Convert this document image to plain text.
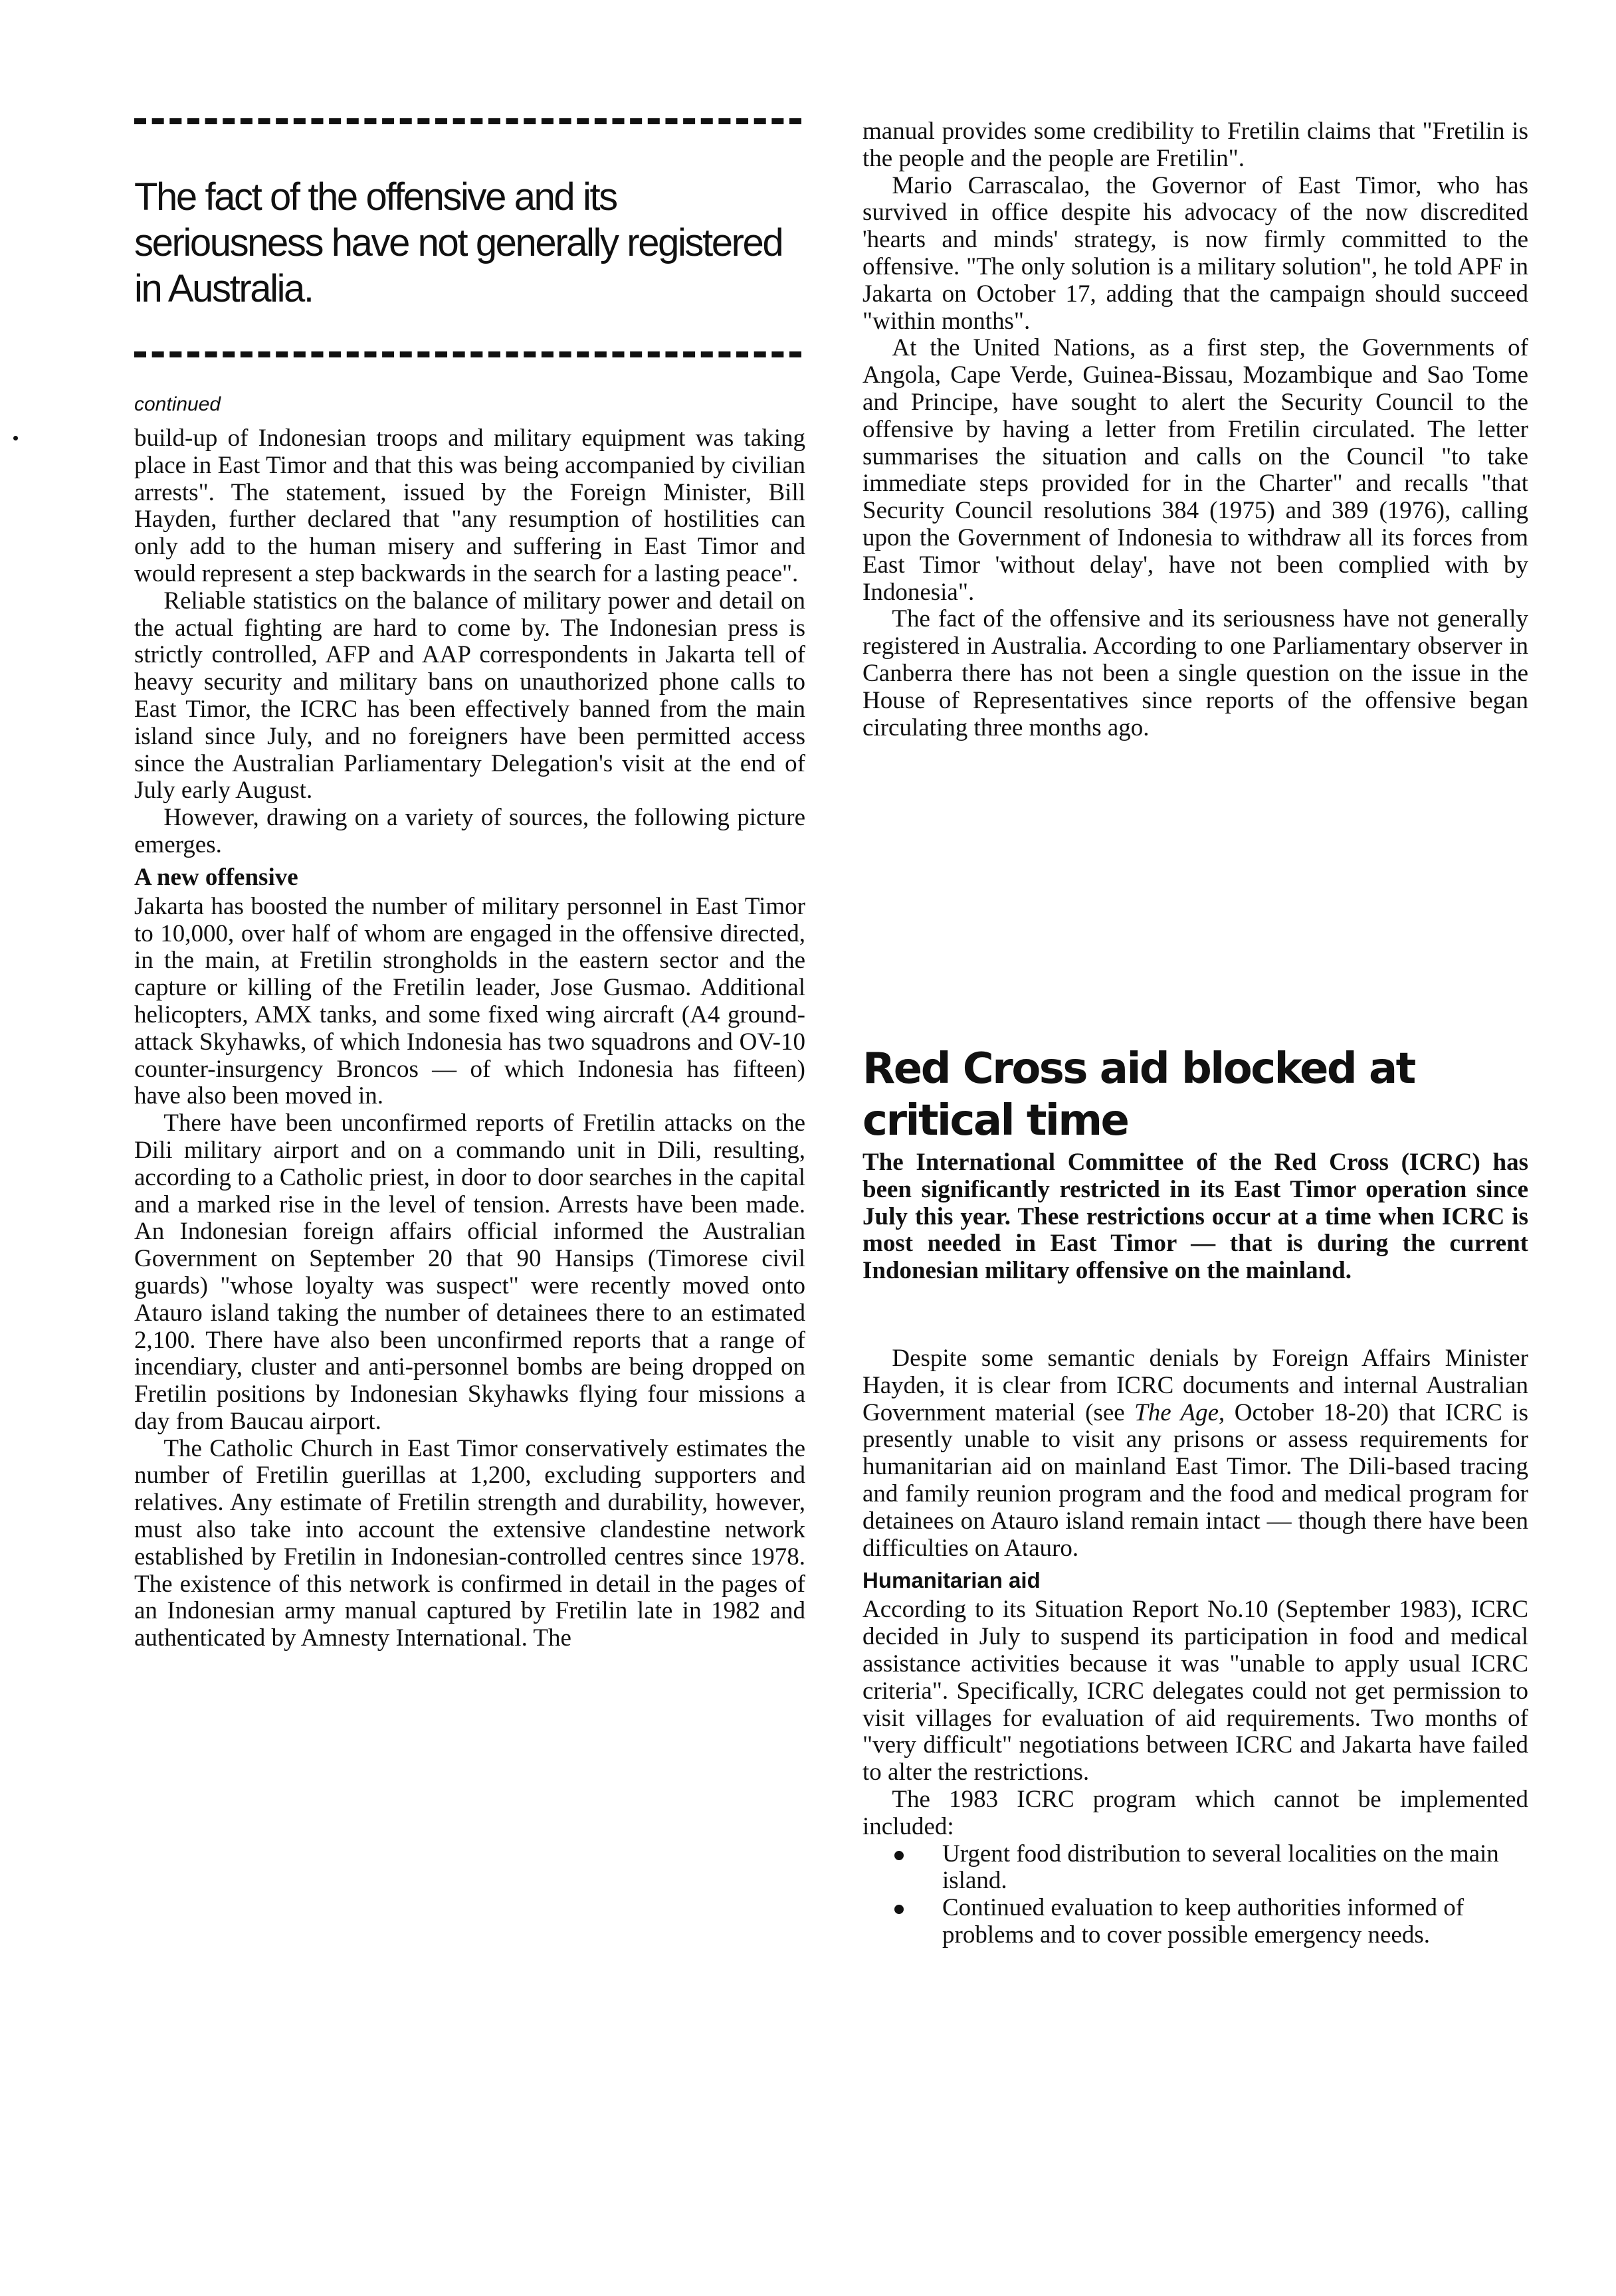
The fact of the offensive and its seriousness have not generally registered in Australia.
continued

build-up of Indonesian troops and military equipment was taking place in East Timor and that this was being accompanied by civilian arrests". The statement, issued by the Foreign Minister, Bill Hayden, further declared that "any resumption of hostilities can only add to the human misery and suffering in East Timor and would represent a step backwards in the search for a lasting peace".

Reliable statistics on the balance of military power and detail on the actual fighting are hard to come by. The Indonesian press is strictly controlled, AFP and AAP correspondents in Jakarta tell of heavy security and military bans on unauthorized phone calls to East Timor, the ICRC has been effectively banned from the main island since July, and no foreigners have been permitted access since the Australian Parliamentary Delegation's visit at the end of July early August.

However, drawing on a variety of sources, the following picture emerges.

A new offensive

Jakarta has boosted the number of military personnel in East Timor to 10,000, over half of whom are engaged in the offensive directed, in the main, at Fretilin strongholds in the eastern sector and the capture or killing of the Fretilin leader, Jose Gusmao. Additional helicopters, AMX tanks, and some fixed wing aircraft (A4 ground-attack Skyhawks, of which Indonesia has two squadrons and OV-10 counter-insurgency Broncos — of which Indonesia has fifteen) have also been moved in.

There have been unconfirmed reports of Fretilin attacks on the Dili military airport and on a commando unit in Dili, resulting, according to a Catholic priest, in door to door searches in the capital and a marked rise in the level of tension. Arrests have been made. An Indonesian foreign affairs official informed the Australian Government on September 20 that 90 Hansips (Timorese civil guards) "whose loyalty was suspect" were recently moved onto Atauro island taking the number of detainees there to an estimated 2,100. There have also been unconfirmed reports that a range of incendiary, cluster and anti-personnel bombs are being dropped on Fretilin positions by Indonesian Skyhawks flying four missions a day from Baucau airport.

The Catholic Church in East Timor conservatively estimates the number of Fretilin guerillas at 1,200, excluding supporters and relatives. Any estimate of Fretilin strength and durability, however, must also take into account the extensive clandestine network established by Fretilin in Indonesian-controlled centres since 1978. The existence of this network is confirmed in detail in the pages of an Indonesian army manual captured by Fretilin late in 1982 and authenticated by Amnesty International. The

manual provides some credibility to Fretilin claims that "Fretilin is the people and the people are Fretilin".

Mario Carrascalao, the Governor of East Timor, who has survived in office despite his advocacy of the now discredited 'hearts and minds' strategy, is now firmly committed to the offensive. "The only solution is a military solution", he told APF in Jakarta on October 17, adding that the campaign should succeed "within months".

At the United Nations, as a first step, the Governments of Angola, Cape Verde, Guinea-Bissau, Mozambique and Sao Tome and Principe, have sought to alert the Security Council to the offensive by having a letter from Fretilin circulated. The letter summarises the situation and calls on the Council "to take immediate steps provided for in the Charter" and recalls "that Security Council resolutions 384 (1975) and 389 (1976), calling upon the Government of Indonesia to withdraw all its forces from East Timor 'without delay', have not been complied with by Indonesia".

The fact of the offensive and its seriousness have not generally registered in Australia. According to one Parliamentary observer in Canberra there has not been a single question on the issue in the House of Representatives since reports of the offensive began circulating three months ago.

Red Cross aid blocked at critical time
The International Committee of the Red Cross (ICRC) has been significantly restricted in its East Timor operation since July this year. These restrictions occur at a time when ICRC is most needed in East Timor — that is during the current Indonesian military offensive on the mainland.

Despite some semantic denials by Foreign Affairs Minister Hayden, it is clear from ICRC documents and internal Australian Government material (see The Age, October 18-20) that ICRC is presently unable to visit any prisons or assess requirements for humanitarian aid on mainland East Timor. The Dili-based tracing and family reunion program and the food and medical program for detainees on Atauro island remain intact — though there have been difficulties on Atauro.

Humanitarian aid

According to its Situation Report No.10 (September 1983), ICRC decided in July to suspend its participation in food and medical assistance activities because it was "unable to apply usual ICRC criteria". Specifically, ICRC delegates could not get permission to visit villages for evaluation of aid requirements. Two months of "very difficult" negotiations between ICRC and Jakarta have failed to alter the restrictions.

The 1983 ICRC program which cannot be implemented included:

Urgent food distribution to several localities on the main island.
Continued evaluation to keep authorities informed of problems and to cover possible emergency needs.
